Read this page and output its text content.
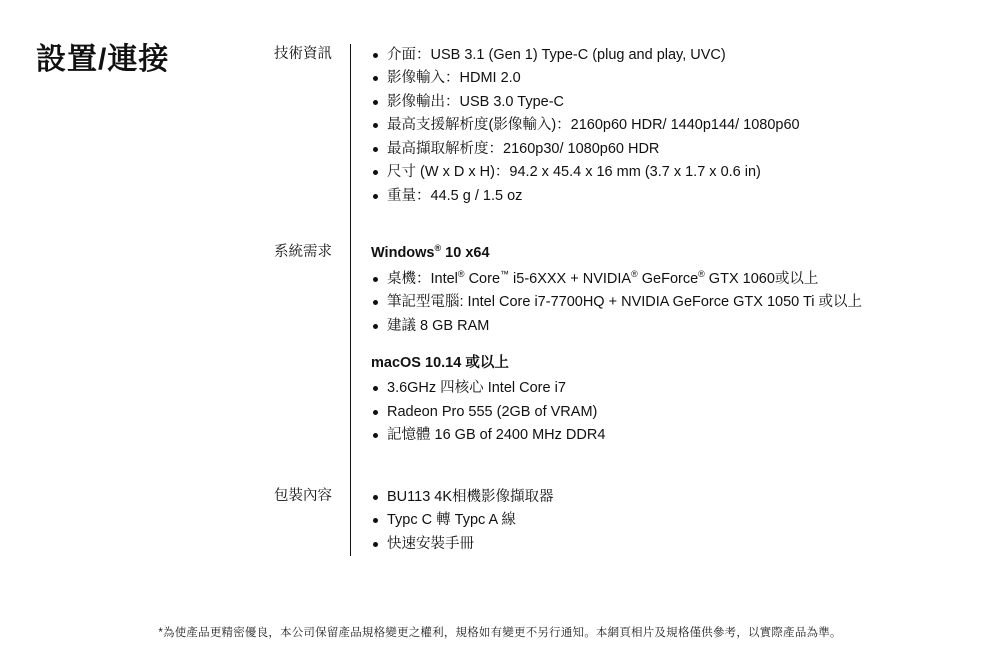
設置/連接	技術資訊	介面：USB 3.1 (Gen 1) Type-C (plug and play, UVC)
影像輸入：HDMI 2.0
影像輸出：USB 3.0 Type-C
最高支援解析度(影像輸入)：2160p60 HDR/ 1440p144/ 1080p60
最高擷取解析度：2160p30/ 1080p60 HDR
尺寸 (W x D x H)：94.2 x 45.4 x 16 mm (3.7 x 1.7 x 0.6 in)
重量：44.5 g / 1.5 oz

系統需求	Windows® 10 x64
桌機：Intel® Core™ i5-6XXX + NVIDIA® GeForce® GTX 1060或以上
筆記型電腦: Intel Core i7-7700HQ + NVIDIA GeForce GTX 1050 Ti 或以上
建議 8 GB RAM
macOS 10.14 或以上
3.6GHz 四核心 Intel Core i7
Radeon Pro 555 (2GB of VRAM)
記憶體 16 GB of 2400 MHz DDR4

包裝內容	BU113 4K相機影像擷取器
Typc C 轉 Typc A 線
快速安裝手冊
*為使產品更精密優良，本公司保留產品規格變更之權利，規格如有變更不另行通知。本網頁相片及規格僅供參考，以實際產品為準。
